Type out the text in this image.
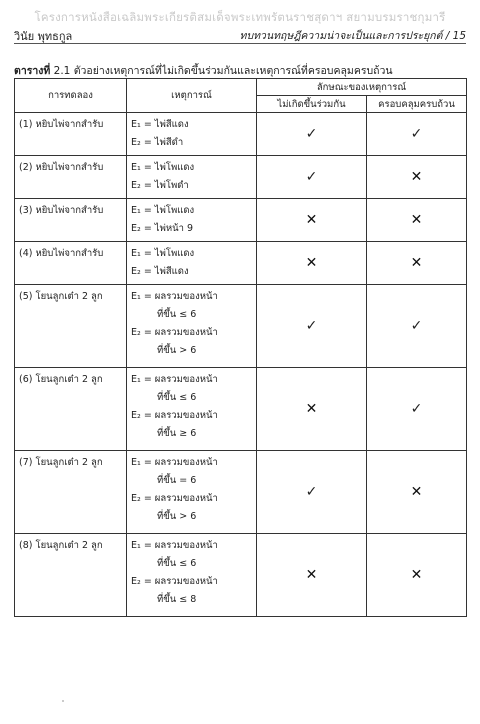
โครงการหนังสือเฉลิมพระเกียรติสมเด็จพระเทพรัตนราชสุดาฯ สยามบรมราชกุมารี
วินัย พุทธกูล	ทบทวนทฤษฎีความน่าจะเป็นและการประยุกต์ / 15
ตารางที่ 2.1 ตัวอย่างเหตุการณ์ที่ไม่เกิดขึ้นร่วมกันและเหตุการณ์ที่ครอบคลุมครบถ้วน
การทดลอง	เหตุการณ์	ลักษณะของเหตุการณ์	
		ไม่เกิดขึ้นร่วมกัน	ครอบคลุมครบถ้วน
(1) หยิบไพ่จากสำรับ	E₁ = ไพ่สีแดง
E₂ = ไพ่สีดำ	✓	✓
(2) หยิบไพ่จากสำรับ	E₁ = ไพ่โพแดง
E₂ = ไพ่โพดำ	✓	✕
(3) หยิบไพ่จากสำรับ	E₁ = ไพ่โพแดง
E₂ = ไพ่หน้า 9	✕	✕
(4) หยิบไพ่จากสำรับ	E₁ = ไพ่โพแดง
E₂ = ไพ่สีแดง	✕	✕
(5) โยนลูกเต๋า 2 ลูก	E₁ = ผลรวมของหน้า
ที่ขึ้น ≤ 6
E₂ = ผลรวมของหน้า
ที่ขึ้น > 6	✓	✓
(6) โยนลูกเต๋า 2 ลูก	E₁ = ผลรวมของหน้า
ที่ขึ้น ≤ 6
E₂ = ผลรวมของหน้า
ที่ขึ้น ≥ 6	✕	✓
(7) โยนลูกเต๋า 2 ลูก	E₁ = ผลรวมของหน้า
ที่ขึ้น = 6
E₂ = ผลรวมของหน้า
ที่ขึ้น > 6	✓	✕
(8) โยนลูกเต๋า 2 ลูก	E₁ = ผลรวมของหน้า
ที่ขึ้น ≤ 6
E₂ = ผลรวมของหน้า
ที่ขึ้น ≤ 8	✕	✕
